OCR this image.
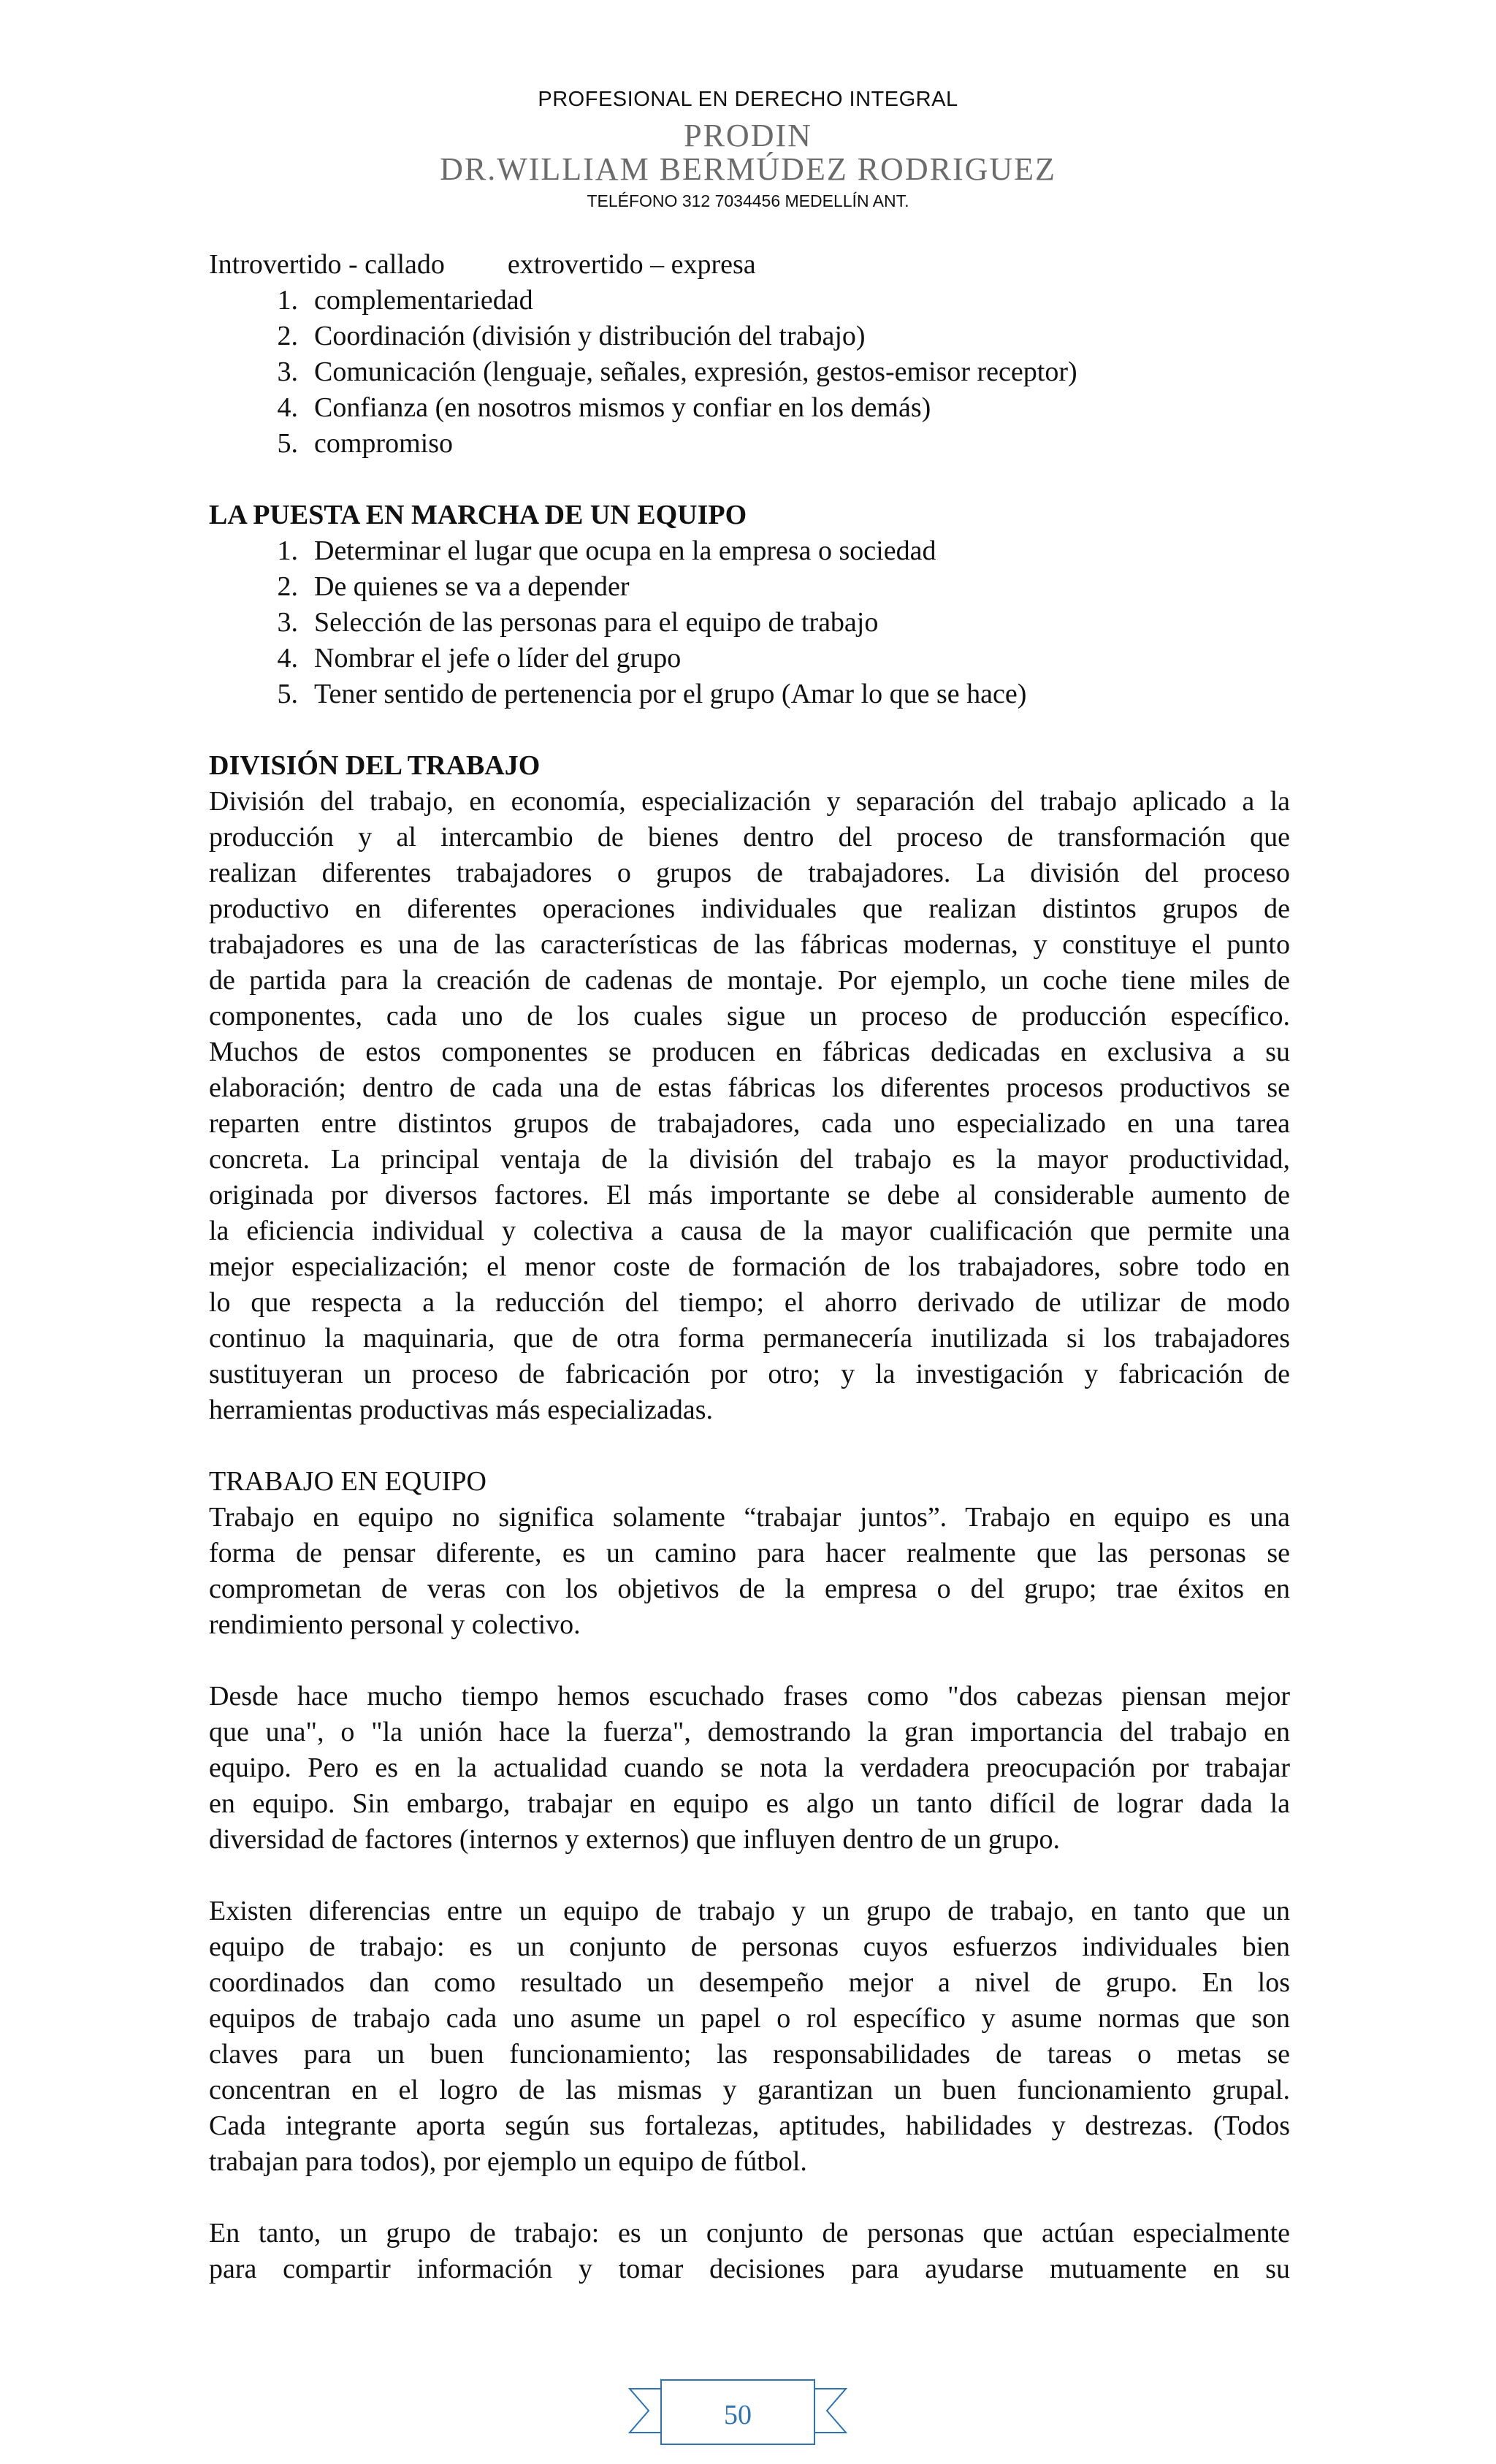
PROFESIONAL EN DERECHO INTEGRAL
PRODIN
DR.WILLIAM BERMÚDEZ RODRIGUEZ
TELÉFONO 312 7034456 MEDELLÍN ANT.
Introvertido - callado extrovertido – expresa
1. complementariedad
2. Coordinación (división y distribución del trabajo)
3. Comunicación (lenguaje, señales, expresión, gestos-emisor receptor)
4. Confianza (en nosotros mismos y confiar en los demás)
5. compromiso
LA PUESTA EN MARCHA DE UN EQUIPO
1. Determinar el lugar que ocupa en la empresa o sociedad
2. De quienes se va a depender
3. Selección de las personas para el equipo de trabajo
4. Nombrar el jefe o líder del grupo
5. Tener sentido de pertenencia por el grupo (Amar lo que se hace)
DIVISIÓN DEL TRABAJO

División del trabajo, en economía, especialización y separación del trabajo aplicado a la

producción y al intercambio de bienes dentro del proceso de transformación que

realizan diferentes trabajadores o grupos de trabajadores. La división del proceso

productivo en diferentes operaciones individuales que realizan distintos grupos de

trabajadores es una de las características de las fábricas modernas, y constituye el punto

de partida para la creación de cadenas de montaje. Por ejemplo, un coche tiene miles de

componentes, cada uno de los cuales sigue un proceso de producción específico.

Muchos de estos componentes se producen en fábricas dedicadas en exclusiva a su

elaboración; dentro de cada una de estas fábricas los diferentes procesos productivos se

reparten entre distintos grupos de trabajadores, cada uno especializado en una tarea

concreta. La principal ventaja de la división del trabajo es la mayor productividad,

originada por diversos factores. El más importante se debe al considerable aumento de

la eficiencia individual y colectiva a causa de la mayor cualificación que permite una

mejor especialización; el menor coste de formación de los trabajadores, sobre todo en

lo que respecta a la reducción del tiempo; el ahorro derivado de utilizar de modo

continuo la maquinaria, que de otra forma permanecería inutilizada si los trabajadores

sustituyeran un proceso de fabricación por otro; y la investigación y fabricación de

herramientas productivas más especializadas.

TRABAJO EN EQUIPO

Trabajo en equipo no significa solamente “trabajar juntos”. Trabajo en equipo es una

forma de pensar diferente, es un camino para hacer realmente que las personas se

comprometan de veras con los objetivos de la empresa o del grupo; trae éxitos en

rendimiento personal y colectivo.

Desde hace mucho tiempo hemos escuchado frases como "dos cabezas piensan mejor

que una", o "la unión hace la fuerza", demostrando la gran importancia del trabajo en

equipo. Pero es en la actualidad cuando se nota la verdadera preocupación por trabajar

en equipo. Sin embargo, trabajar en equipo es algo un tanto difícil de lograr dada la

diversidad de factores (internos y externos) que influyen dentro de un grupo.

Existen diferencias entre un equipo de trabajo y un grupo de trabajo, en tanto que un

equipo de trabajo: es un conjunto de personas cuyos esfuerzos individuales bien

coordinados dan como resultado un desempeño mejor a nivel de grupo. En los

equipos de trabajo cada uno asume un papel o rol específico y asume normas que son

claves para un buen funcionamiento; las responsabilidades de tareas o metas se

concentran en el logro de las mismas y garantizan un buen funcionamiento grupal.

Cada integrante aporta según sus fortalezas, aptitudes, habilidades y destrezas. (Todos

trabajan para todos), por ejemplo un equipo de fútbol.

En tanto, un grupo de trabajo: es un conjunto de personas que actúan especialmente

para compartir información y tomar decisiones para ayudarse mutuamente en su

50
